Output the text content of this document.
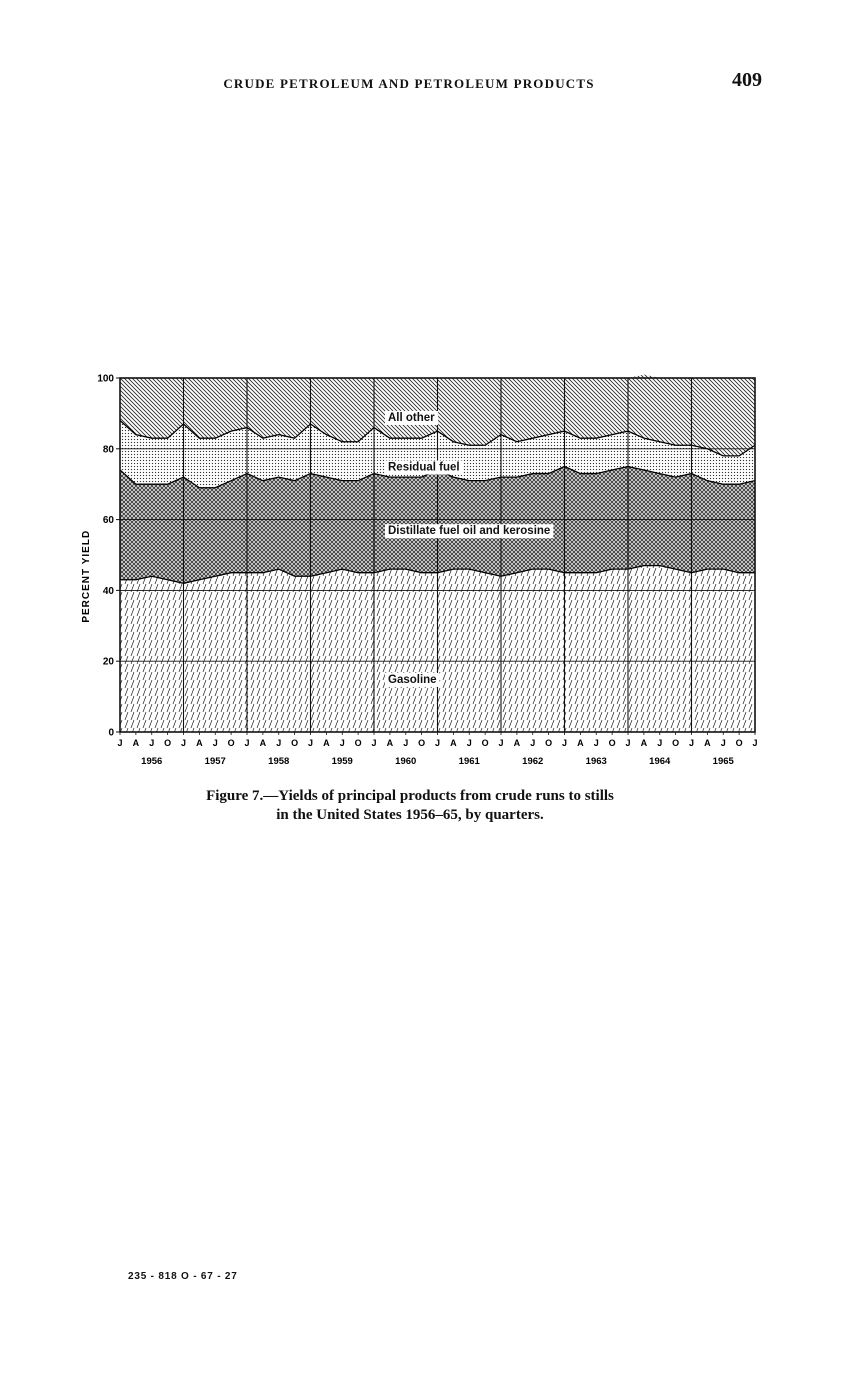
CRUDE PETROLEUM AND PETROLEUM PRODUCTS	409
0
20
40
60
80
100
J A J O J A J O J A J O J A J O J A J O J A J O J A J O J A J O J A J O J A J O J
1956	1957	1958	1959	1960	1961	1962	1963	1964	1965
Gasoline
Distillate fuel oil and kerosine
Residual fuel
All other
PERCENT YIELD
Figure 7.—Yields of principal products from crude runs to stills
in the United States 1956–65, by quarters.
235 - 818 O - 67 - 27
